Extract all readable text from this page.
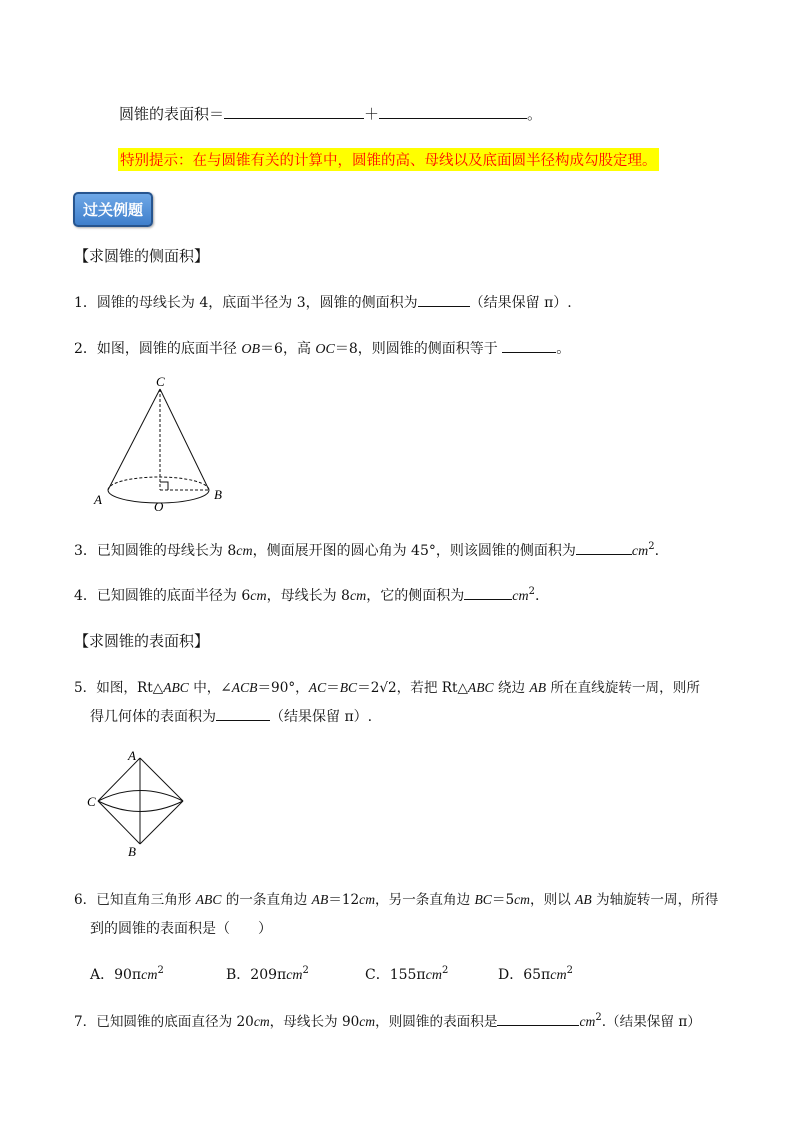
圆锥的表面积＝	＋	。
特别提示：在与圆锥有关的计算中，圆锥的高、母线以及底面圆半径构成勾股定理。
过关例题
【求圆锥的侧面积】
1．圆锥的母线长为 4，底面半径为 3，圆锥的侧面积为	（结果保留 π）.
2．如图，圆锥的底面半径 OB＝6，高 OC＝8，则圆锥的侧面积等于	。
C
A	B
O
3．已知圆锥的母线长为 8cm，侧面展开图的圆心角为 45°，则该圆锥的侧面积为	$cm^2$.
4．已知圆锥的底面半径为 6cm，母线长为 8cm，它的侧面积为	$cm^2$.
【求圆锥的表面积】
5．如图，Rt△ABC 中，∠ACB＝90°，AC＝BC＝2√2，若把 Rt△ABC 绕边 AB 所在直线旋转一周，则所
得几何体的表面积为	（结果保留 π）.
A
C
B
6．已知直角三角形 ABC 的一条直角边 AB＝12cm，另一条直角边 BC＝5cm，则以 AB 为轴旋转一周，所得
到的圆锥的表面积是（　　）
A．90πcm$^2$	B．209πcm$^2$	C．155πcm$^2$	D．65πcm$^2$
7．已知圆锥的底面直径为 20cm，母线长为 90cm，则圆锥的表面积是	$cm^2$.（结果保留 π）
